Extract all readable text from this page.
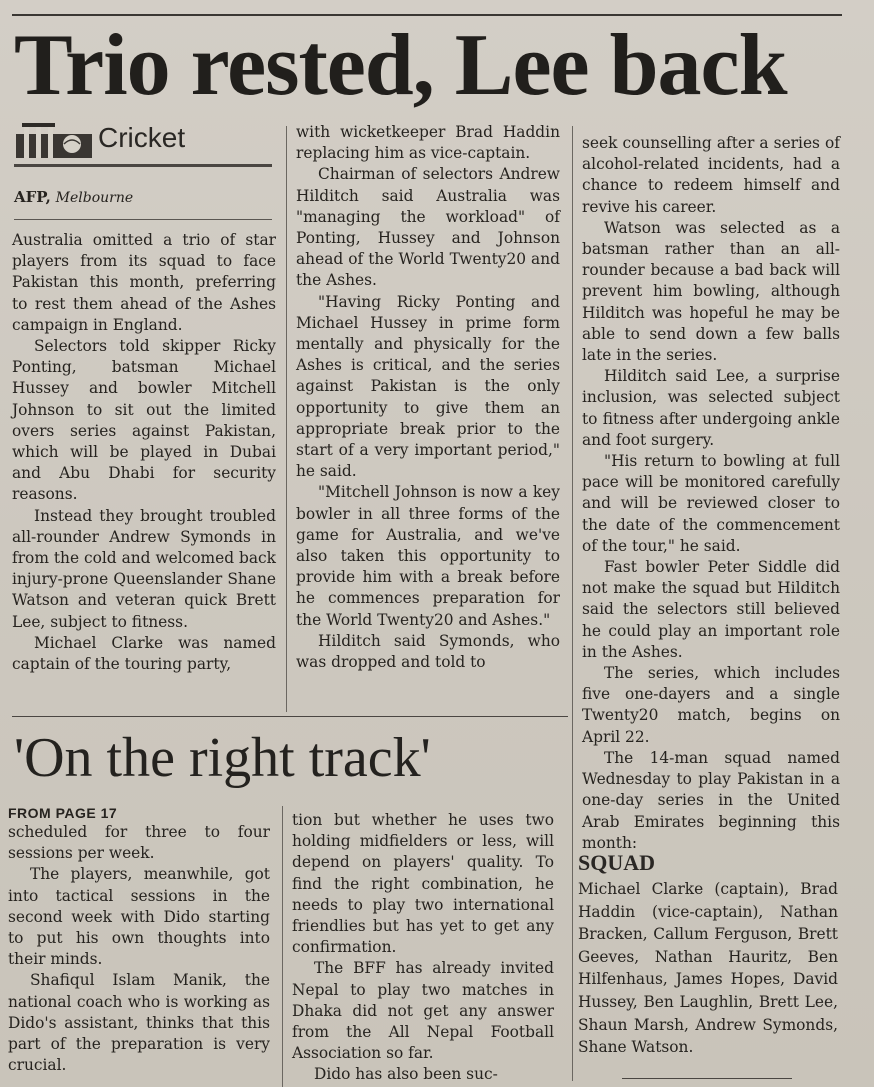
Trio rested, Lee back
Cricket
AFP, Melbourne

Australia omitted a trio of star players from its squad to face Pakistan this month, preferring to rest them ahead of the Ashes campaign in England.

Selectors told skipper Ricky Ponting, batsman Michael Hussey and bowler Mitchell Johnson to sit out the limited overs series against Pakistan, which will be played in Dubai and Abu Dhabi for security reasons.

Instead they brought troubled all-rounder Andrew Symonds in from the cold and welcomed back injury-prone Queenslander Shane Watson and veteran quick Brett Lee, subject to fitness.

Michael Clarke was named captain of the touring party,

with wicketkeeper Brad Haddin replacing him as vice-captain.

Chairman of selectors Andrew Hilditch said Australia was "managing the workload" of Ponting, Hussey and Johnson ahead of the World Twenty20 and the Ashes.

"Having Ricky Ponting and Michael Hussey in prime form mentally and physically for the Ashes is critical, and the series against Pakistan is the only opportunity to give them an appropriate break prior to the start of a very important period," he said.

"Mitchell Johnson is now a key bowler in all three forms of the game for Australia, and we've also taken this opportunity to provide him with a break before he commences preparation for the World Twenty20 and Ashes."

Hilditch said Symonds, who was dropped and told to

seek counselling after a series of alcohol-related incidents, had a chance to redeem himself and revive his career.

Watson was selected as a batsman rather than an all-rounder because a bad back will prevent him bowling, although Hilditch was hopeful he may be able to send down a few balls late in the series.

Hilditch said Lee, a surprise inclusion, was selected subject to fitness after undergoing ankle and foot surgery.

"His return to bowling at full pace will be monitored carefully and will be reviewed closer to the date of the commencement of the tour," he said.

Fast bowler Peter Siddle did not make the squad but Hilditch said the selectors still believed he could play an important role in the Ashes.

The series, which includes five one-dayers and a single Twenty20 match, begins on April 22.

The 14-man squad named Wednesday to play Pakistan in a one-day series in the United Arab Emirates beginning this month:

'On the right track'
FROM PAGE 17

scheduled for three to four sessions per week.

The players, meanwhile, got into tactical sessions in the second week with Dido starting to put his own thoughts into their minds.

Shafiqul Islam Manik, the national coach who is working as Dido's assistant, thinks that this part of the preparation is very crucial.

tion but whether he uses two holding midfielders or less, will depend on players' quality. To find the right combination, he needs to play two international friendlies but has yet to get any confirmation.

The BFF has already invited Nepal to play two matches in Dhaka did not get any answer from the All Nepal Football Association so far.

Dido has also been suc-

SQUAD

Michael Clarke (captain), Brad Haddin (vice-captain), Nathan Bracken, Callum Ferguson, Brett Geeves, Nathan Hauritz, Ben Hilfenhaus, James Hopes, David Hussey, Ben Laughlin, Brett Lee, Shaun Marsh, Andrew Symonds, Shane Watson.
